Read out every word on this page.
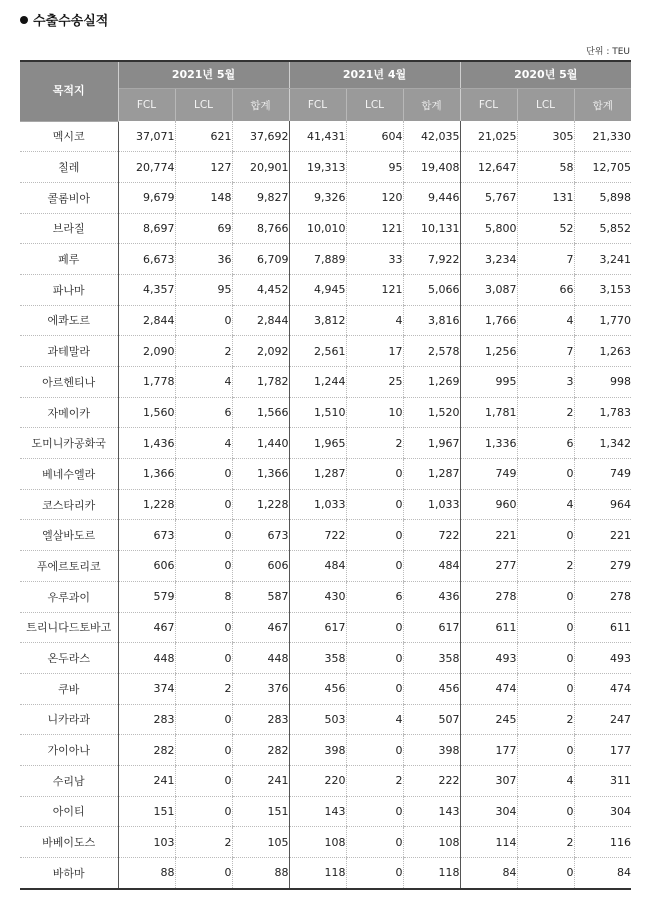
수출수송실적
단위 : TEU
목적지	2021년 5월			2021년 4월			2020년 5월		
	FCL	LCL	합계	FCL	LCL	합계	FCL	LCL	합계
멕시코	37,071	621	37,692	41,431	604	42,035	21,025	305	21,330
칠레	20,774	127	20,901	19,313	95	19,408	12,647	58	12,705
콜롬비아	9,679	148	9,827	9,326	120	9,446	5,767	131	5,898
브라질	8,697	69	8,766	10,010	121	10,131	5,800	52	5,852
페루	6,673	36	6,709	7,889	33	7,922	3,234	7	3,241
파나마	4,357	95	4,452	4,945	121	5,066	3,087	66	3,153
에콰도르	2,844	0	2,844	3,812	4	3,816	1,766	4	1,770
과테말라	2,090	2	2,092	2,561	17	2,578	1,256	7	1,263
아르헨티나	1,778	4	1,782	1,244	25	1,269	995	3	998
자메이카	1,560	6	1,566	1,510	10	1,520	1,781	2	1,783
도미니카공화국	1,436	4	1,440	1,965	2	1,967	1,336	6	1,342
베네수엘라	1,366	0	1,366	1,287	0	1,287	749	0	749
코스타리카	1,228	0	1,228	1,033	0	1,033	960	4	964
엘살바도르	673	0	673	722	0	722	221	0	221
푸에르토리코	606	0	606	484	0	484	277	2	279
우루과이	579	8	587	430	6	436	278	0	278
트리니다드토바고	467	0	467	617	0	617	611	0	611
온두라스	448	0	448	358	0	358	493	0	493
쿠바	374	2	376	456	0	456	474	0	474
니카라과	283	0	283	503	4	507	245	2	247
가이아나	282	0	282	398	0	398	177	0	177
수리남	241	0	241	220	2	222	307	4	311
아이티	151	0	151	143	0	143	304	0	304
바베이도스	103	2	105	108	0	108	114	2	116
바하마	88	0	88	118	0	118	84	0	84
